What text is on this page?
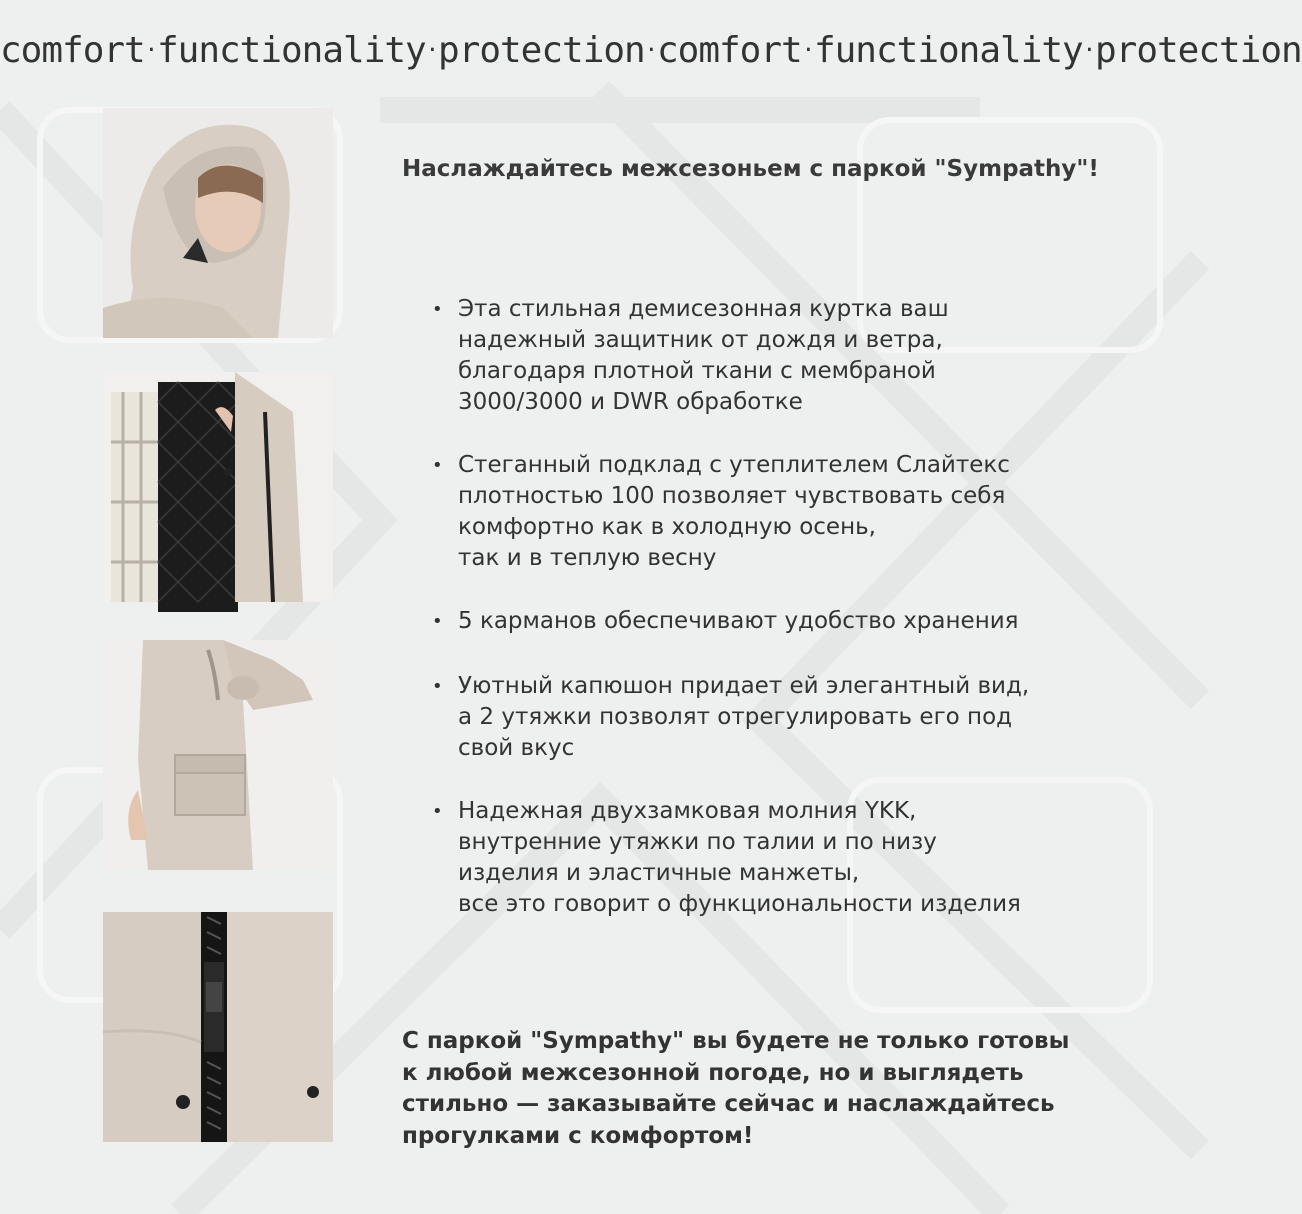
comfort · functionality · protection · comfort · functionality · protection
Наслаждайтесь межсезоньем с паркой "Sympathy"!
• Эта стильная демисезонная куртка ваш
надежный защитник от дождя и ветра,
благодаря плотной ткани с мембраной
3000/3000 и DWR обработке
• Стеганный подклад с утеплителем Слайтекс
плотностью 100 позволяет чувствовать себя
комфортно как в холодную осень,
так и в теплую весну
• 5 карманов обеспечивают удобство хранения
• Уютный капюшон придает ей элегантный вид,
а 2 утяжки позволят отрегулировать его под
свой вкус
• Надежная двухзамковая молния YKK,
внутренние утяжки по талии и по низу
изделия и эластичные манжеты,
все это говорит о функциональности изделия
С паркой "Sympathy" вы будете не только готовы
к любой межсезонной погоде, но и выглядеть
стильно — заказывайте сейчас и наслаждайтесь
прогулками с комфортом!
